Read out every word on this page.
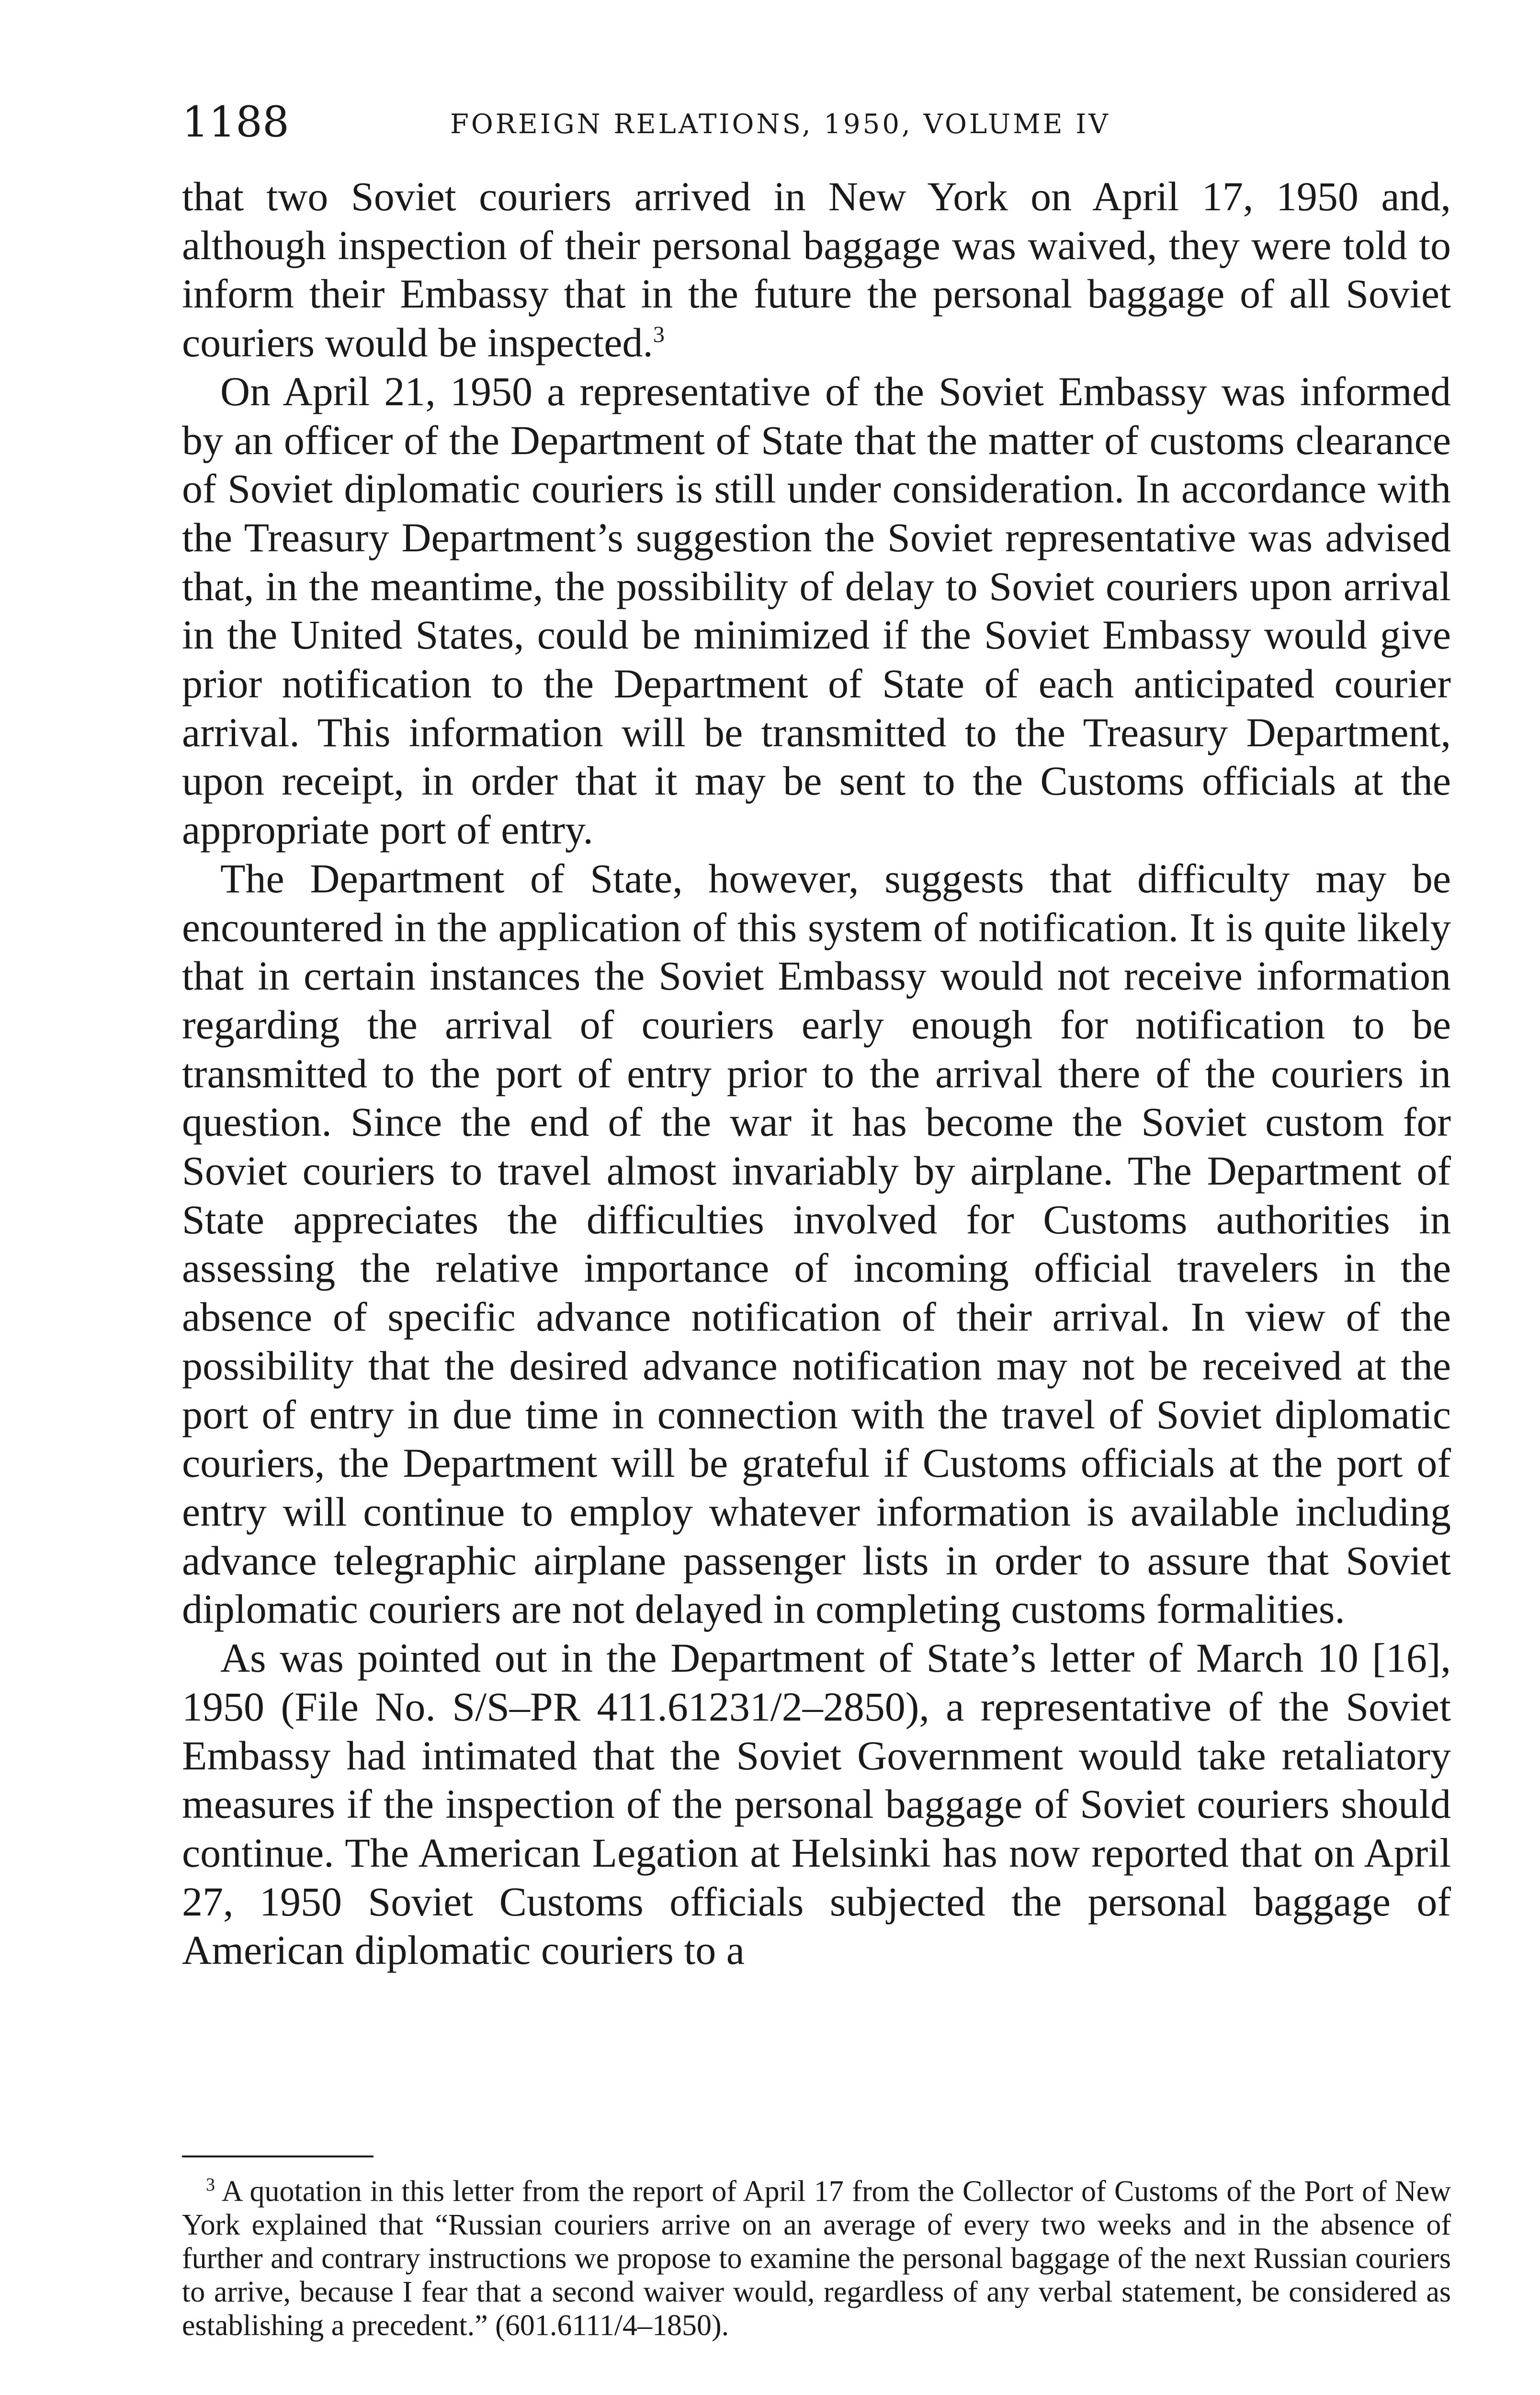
1188	FOREIGN RELATIONS, 1950, VOLUME IV

that two Soviet couriers arrived in New York on April 17, 1950 and, although inspection of their personal baggage was waived, they were told to inform their Embassy that in the future the personal baggage of all Soviet couriers would be inspected.$^3$

On April 21, 1950 a representative of the Soviet Embassy was informed by an officer of the Department of State that the matter of customs clearance of Soviet diplomatic couriers is still under consideration. In accordance with the Treasury Department’s suggestion the Soviet representative was advised that, in the meantime, the possibility of delay to Soviet couriers upon arrival in the United States, could be minimized if the Soviet Embassy would give prior notification to the Department of State of each anticipated courier arrival. This information will be transmitted to the Treasury Department, upon receipt, in order that it may be sent to the Customs officials at the appropriate port of entry.

The Department of State, however, suggests that difficulty may be encountered in the application of this system of notification. It is quite likely that in certain instances the Soviet Embassy would not receive information regarding the arrival of couriers early enough for notification to be transmitted to the port of entry prior to the arrival there of the couriers in question. Since the end of the war it has become the Soviet custom for Soviet couriers to travel almost invariably by airplane. The Department of State appreciates the difficulties involved for Customs authorities in assessing the relative importance of incoming official travelers in the absence of specific advance notification of their arrival. In view of the possibility that the desired advance notification may not be received at the port of entry in due time in connection with the travel of Soviet diplomatic couriers, the Department will be grateful if Customs officials at the port of entry will continue to employ whatever information is available including advance telegraphic airplane passenger lists in order to assure that Soviet diplomatic couriers are not delayed in completing customs formalities.

As was pointed out in the Department of State’s letter of March 10 [16], 1950 (File No. S/S–PR 411.61231/2–2850), a representative of the Soviet Embassy had intimated that the Soviet Government would take retaliatory measures if the inspection of the personal baggage of Soviet couriers should continue. The American Legation at Helsinki has now reported that on April 27, 1950 Soviet Customs officials subjected the personal baggage of American diplomatic couriers to a

$^3$ A quotation in this letter from the report of April 17 from the Collector of Customs of the Port of New York explained that “Russian couriers arrive on an average of every two weeks and in the absence of further and contrary instructions we propose to examine the personal baggage of the next Russian couriers to arrive, because I fear that a second waiver would, regardless of any verbal statement, be considered as establishing a precedent.” (601.6111/4–1850).
